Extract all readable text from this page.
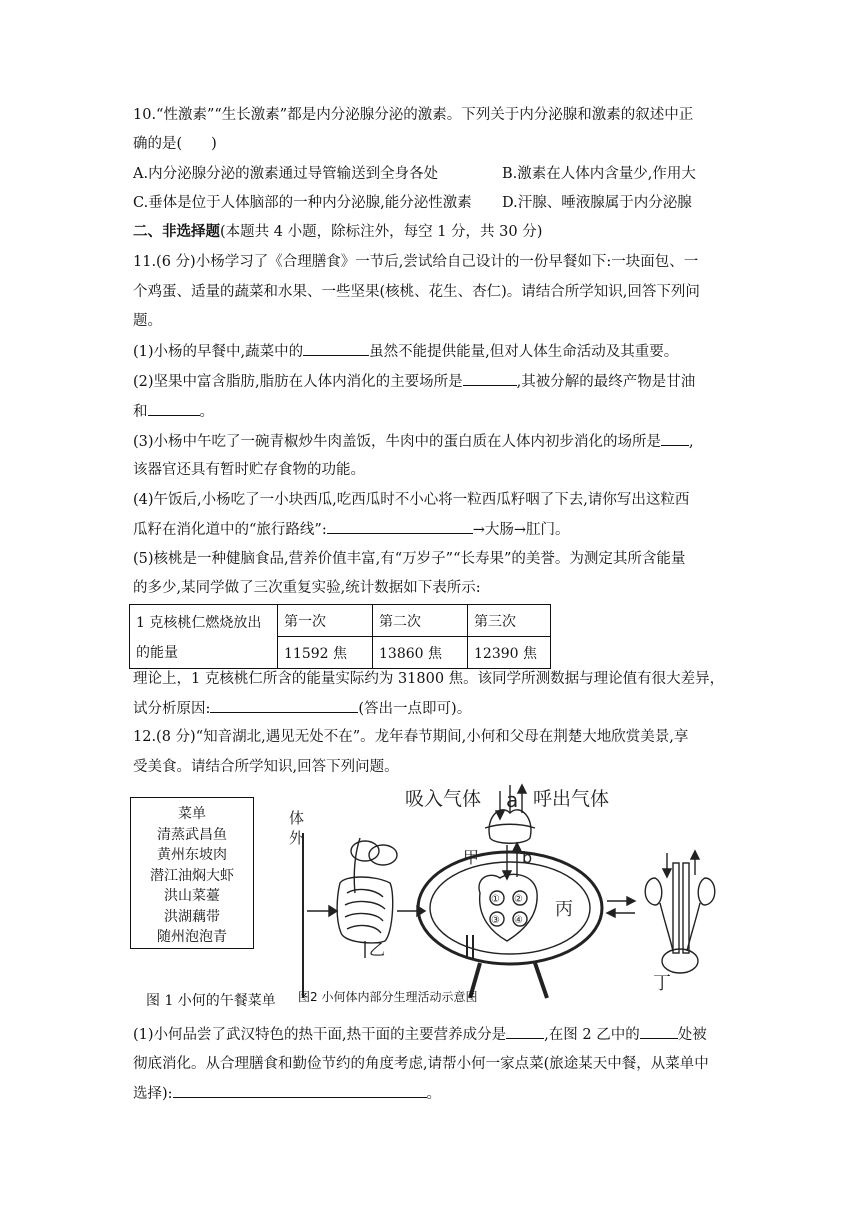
10.“性激素”“生长激素”都是内分泌腺分泌的激素。下列关于内分泌腺和激素的叙述中正
确的是(　　)
A.内分泌腺分泌的激素通过导管输送到全身各处	B.激素在人体内含量少,作用大
C.垂体是位于人体脑部的一种内分泌腺,能分泌性激素 D.汗腺、唾液腺属于内分泌腺
二、非选择题(本题共 4 小题，除标注外，每空 1 分，共 30 分)
11.(6 分)小杨学习了《合理膳食》一节后,尝试给自己设计的一份早餐如下:一块面包、一
个鸡蛋、适量的蔬菜和水果、一些坚果(核桃、花生、杏仁)。请结合所学知识,回答下列问
题。
(1)小杨的早餐中,蔬菜中的	虽然不能提供能量,但对人体生命活动及其重要。
(2)坚果中富含脂肪,脂肪在人体内消化的主要场所是	,其被分解的最终产物是甘油
和	。
(3)小杨中午吃了一碗青椒炒牛肉盖饭，牛肉中的蛋白质在人体内初步消化的场所是 ,
该器官还具有暂时贮存食物的功能。
(4)午饭后,小杨吃了一小块西瓜,吃西瓜时不小心将一粒西瓜籽咽了下去,请你写出这粒西
瓜籽在消化道中的“旅行路线”:	→大肠→肛门。
(5)核桃是一种健脑食品,营养价值丰富,有“万岁子”“长寿果”的美誉。为测定其所含能量
的多少,某同学做了三次重复实验,统计数据如下表所示:
1 克核桃仁燃烧放出
的能量	第一次	第二次	第三次
	11592 焦	13860 焦	12390 焦
理论上，1 克核桃仁所含的能量实际约为 31800 焦。该同学所测数据与理论值有很大差异，
试分析原因:	(答出一点即可)。
12.(8 分)“知音湖北,遇见无处不在”。龙年春节期间,小何和父母在荆楚大地欣赏美景,享
受美食。请结合所学知识,回答下列问题。
菜单
清蒸武昌鱼
黄州东坡肉
潜江油焖大虾
洪山菜薹
洪湖藕带
随州泡泡青
图 1 小何的午餐菜单
吸入气体	呼出气体
a
b
甲
乙
丙
丁
体
外
① ②
③ ④
图2 小何体内部分生理活动示意图
(1)小何品尝了武汉特色的热干面,热干面的主要营养成分是	,在图 2 乙中的	处被
彻底消化。从合理膳食和勤俭节约的角度考虑,请帮小何一家点菜(旅途某天中餐，从菜单中
选择):	。
